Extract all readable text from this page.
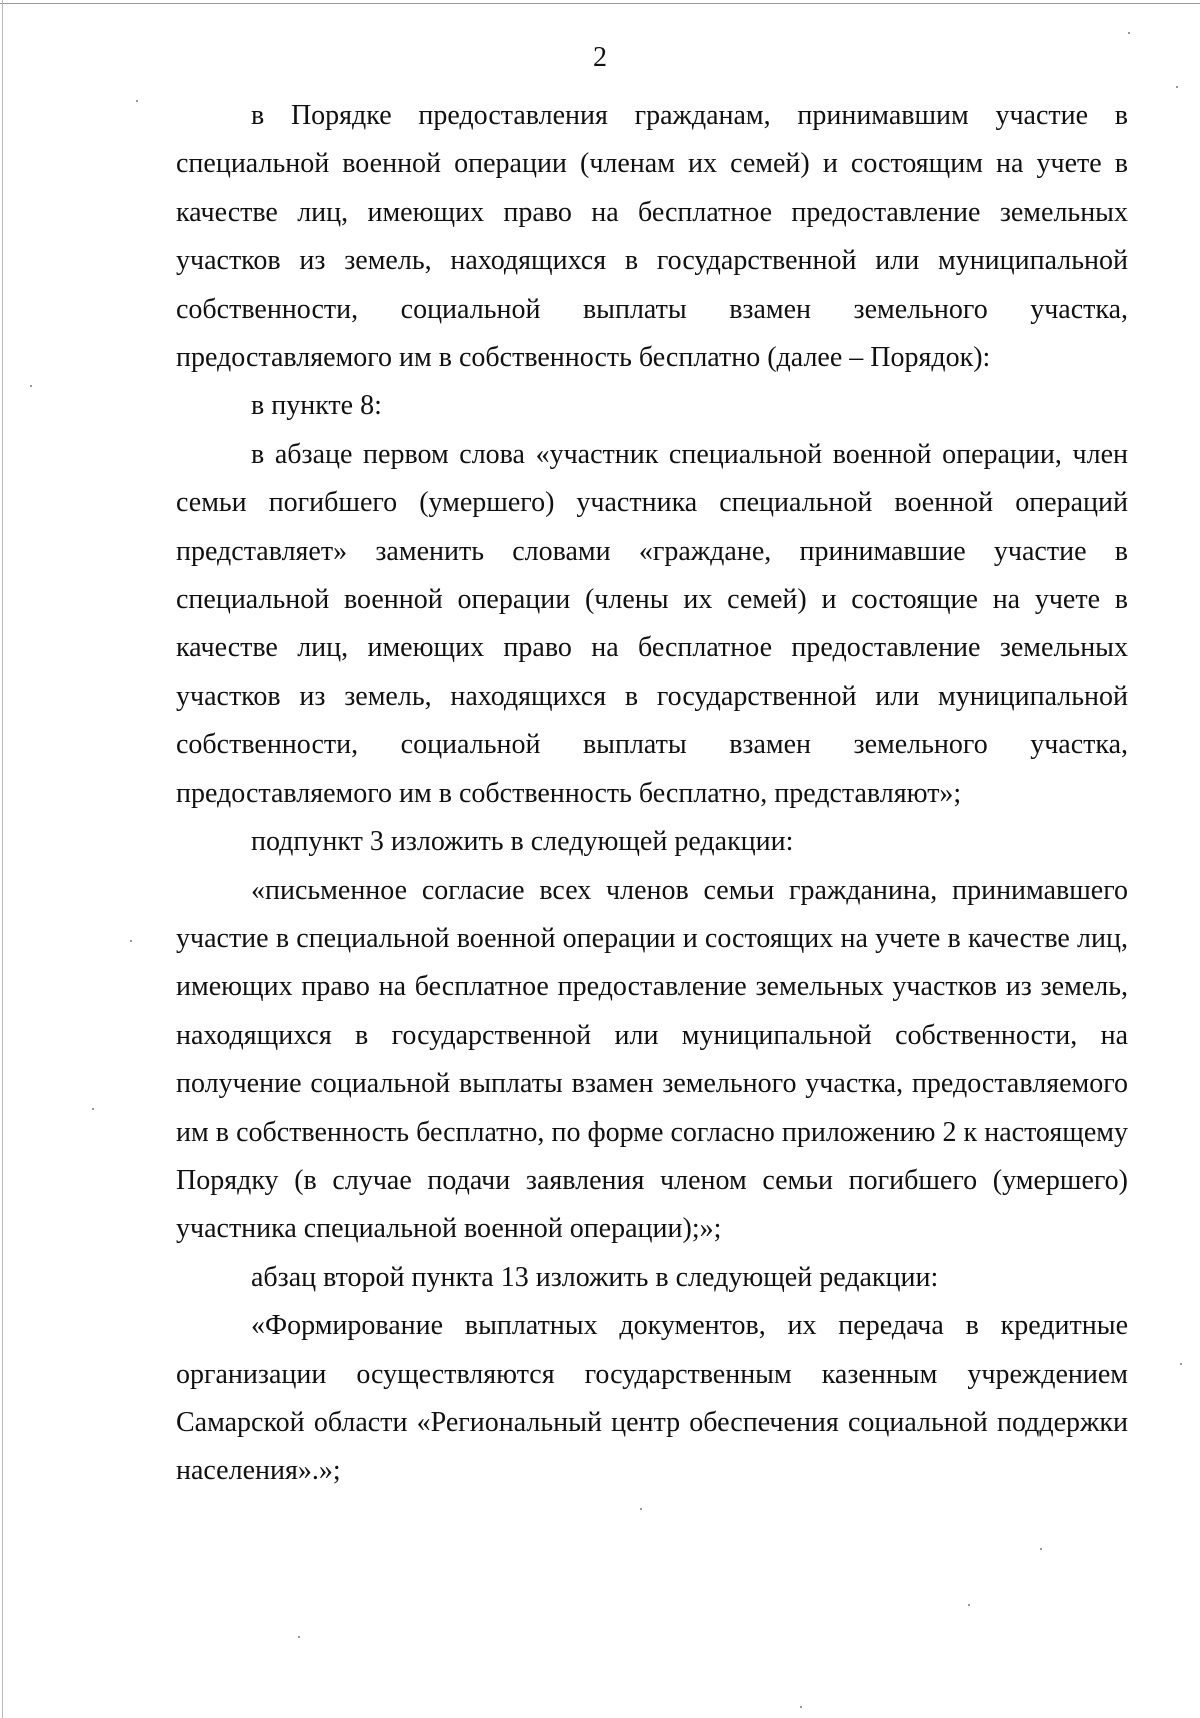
2

в Порядке предоставления гражданам, принимавшим участие в специальной военной операции (членам их семей) и состоящим на учете в качестве лиц, имеющих право на бесплатное предоставление земельных участков из земель, находящихся в государственной или муниципальной собственности, социальной выплаты взамен земельного участка, предоставляемого им в собственность бесплатно (далее – Порядок):

в пункте 8:

в абзаце первом слова «участник специальной военной операции, член семьи погибшего (умершего) участника специальной военной операций представляет» заменить словами «граждане, принимавшие участие в специальной военной операции (члены их семей) и состоящие на учете в качестве лиц, имеющих право на бесплатное предоставление земельных участков из земель, находящихся в государственной или муниципальной собственности, социальной выплаты взамен земельного участка, предоставляемого им в собственность бесплатно, представляют»;

подпункт 3 изложить в следующей редакции:

«письменное согласие всех членов семьи гражданина, принимавшего участие в специальной военной операции и состоящих на учете в качестве лиц, имеющих право на бесплатное предоставление земельных участков из земель, находящихся в государственной или муниципальной собственности, на получение социальной выплаты взамен земельного участка, предоставляемого им в собственность бесплатно, по форме согласно приложению 2 к настоящему Порядку (в случае подачи заявления членом семьи погибшего (умершего) участника специальной военной операции);»;

абзац второй пункта 13 изложить в следующей редакции:

«Формирование выплатных документов, их передача в кредитные организации осуществляются государственным казенным учреждением Самарской области «Региональный центр обеспечения социальной поддержки населения».»;
